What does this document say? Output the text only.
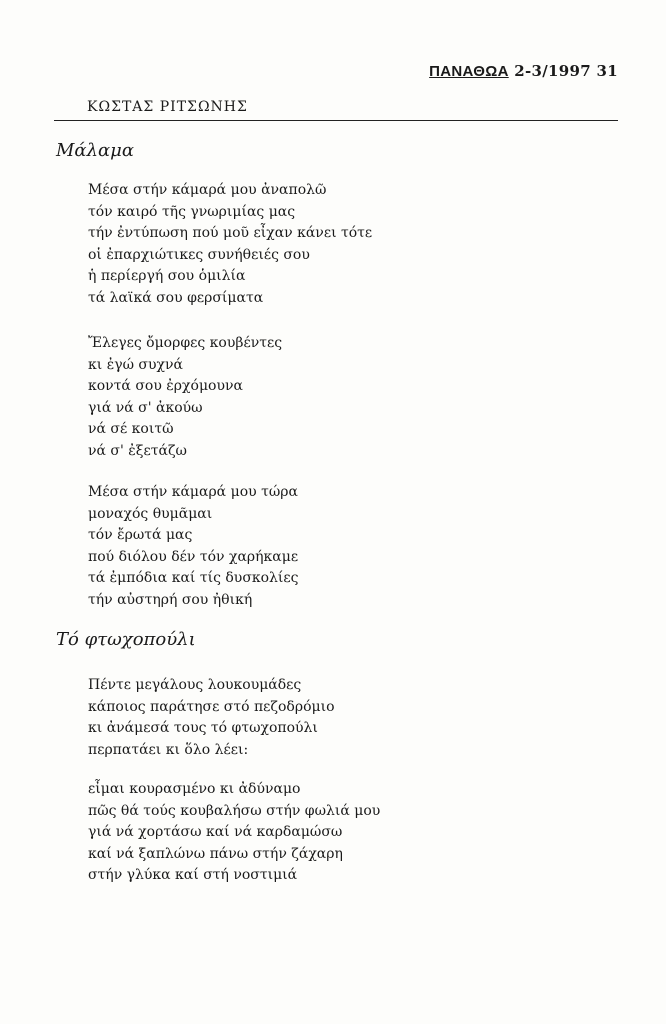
ΠΑΝΑΘΩΑ 2-3/1997 31
ΚΩΣΤΑΣ ΡΙΤΣΩΝΗΣ
Μάλαμα
Μέσα στήν κάμαρά μου ἀναπολῶ
τόν καιρό τῆς γνωριμίας μας
τήν ἐντύπωση πού μοῦ εἶχαν κάνει τότε
οἱ ἐπαρχιώτικες συνήθειές σου
ἡ περίεργή σου ὁμιλία
τά λαϊκά σου φερσίματα
Ἔλεγες ὄμορφες κουβέντες
κι ἐγώ συχνά
κοντά σου ἐρχόμουνα
γιά νά σ' ἀκούω
νά σέ κοιτῶ
νά σ' ἐξετάζω
Μέσα στήν κάμαρά μου τώρα
μοναχός θυμᾶμαι
τόν ἔρωτά μας
πού διόλου δέν τόν χαρήκαμε
τά ἐμπόδια καί τίς δυσκολίες
τήν αὐστηρή σου ἠθική
Τό φτωχοπούλι
Πέντε μεγάλους λουκουμάδες
κάποιος παράτησε στό πεζοδρόμιο
κι ἀνάμεσά τους τό φτωχοπούλι
περπατάει κι ὅλο λέει:
εἶμαι κουρασμένο κι ἀδύναμο
πῶς θά τούς κουβαλήσω στήν φωλιά μου
γιά νά χορτάσω καί νά καρδαμώσω
καί νά ξαπλώνω πάνω στήν ζάχαρη
στήν γλύκα καί στή νοστιμιά
